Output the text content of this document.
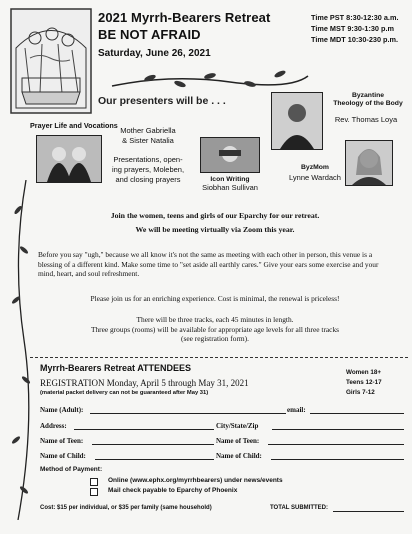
2021 Myrrh-Bearers Retreat
BE NOT AFRAID
Saturday, June 26, 2021
Time PST 8:30-12:30 a.m.
Time MST 9:30-1:30 p.m
Time MDT 10:30-230 p.m.
Our presenters will be . . .	Byzantine
Theology of the Body
Rev. Thomas Loya
Prayer Life and Vocations
Mother Gabriella
& Sister Natalia
Presentations, open-
ing prayers, Moleben,
and closing prayers	Icon Writing
Siobhan Sullivan
ByzMom
Lynne Wardach
Join the women, teens and girls of our Eparchy for our retreat.
We will be meeting virtually via Zoom this year.
Before you say "ugh," because we all know it's not the same as meeting with each other in person, this venue is a blessing of a different kind. Make some time to "set aside all earthly cares." Give your ears some exercise and your mind, heart, and soul refreshment.
Please join us for an enriching experience. Cost is minimal, the renewal is priceless!
There will be three tracks, each 45 minutes in length.
Three groups (rooms) will be available for appropriate age levels for all three tracks
(see registration form).
Myrrh-Bearers Retreat ATTENDEES
REGISTRATION Monday, April 5 through May 31, 2021
(material packet delivery can not be guaranteed after May 31)
Women 18+
Teens 12-17
Girls 7-12
Name (Adult):	email:
Address:	City/State/Zip
Name of Teen:	Name of Teen:
Name of Child:	Name of Child:
Method of Payment:
Online (www.ephx.org/myrrhbearers) under news/events
Mail check payable to Eparchy of Phoenix
Cost: $15 per individual, or $35 per family (same household)	TOTAL SUBMITTED:
